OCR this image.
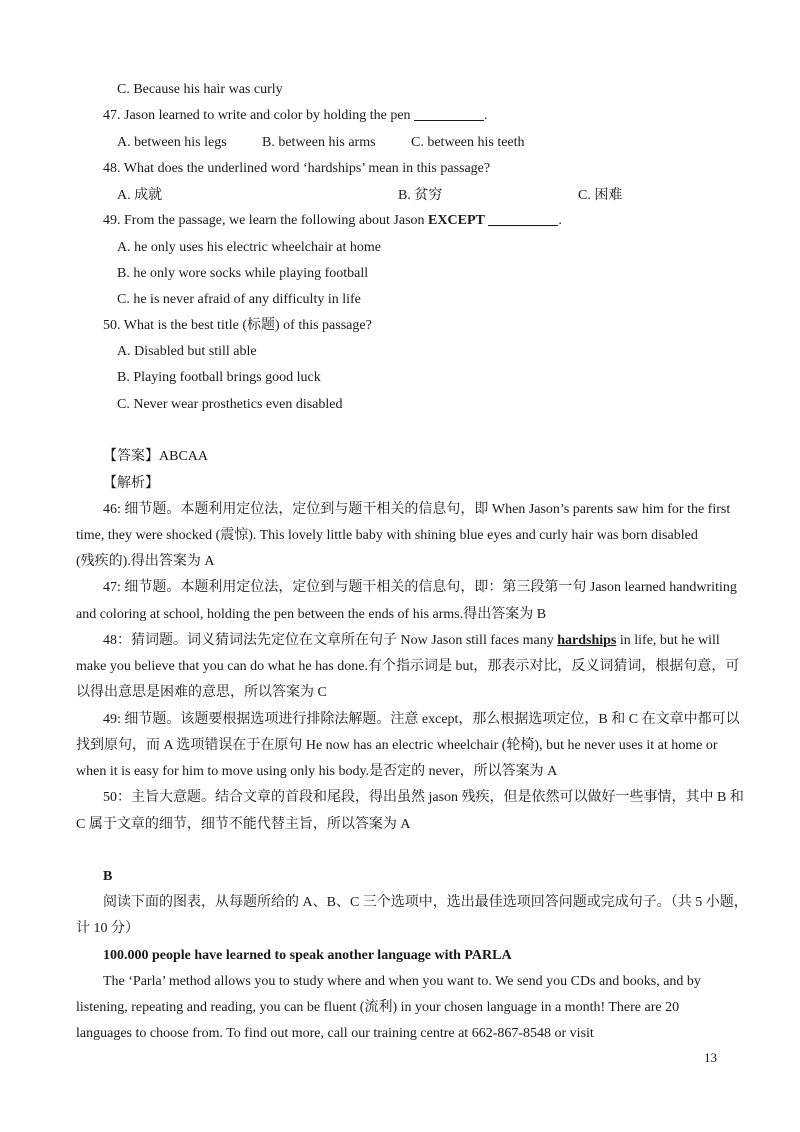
C. Because his hair was curly
47. Jason learned to write and color by holding the pen	.
A. between his legs	B. between his arms	C. between his teeth
48. What does the underlined word ‘hardships’ mean in this passage?
A. 成就	B. 贫穷	C. 困难
49. From the passage, we learn the following about Jason EXCEPT	.
A. he only uses his electric wheelchair at home
B. he only wore socks while playing football
C. he is never afraid of any difficulty in life
50. What is the best title (标题) of this passage?
A. Disabled but still able
B. Playing football brings good luck
C. Never wear prosthetics even disabled
【答案】ABCAA
【解析】
46: 细节题。本题利用定位法，定位到与题干相关的信息句，即 When Jason’s parents saw him for the first
time, they were shocked (震惊). This lovely little baby with shining blue eyes and curly hair was born disabled
(残疾的).得出答案为 A
47: 细节题。本题利用定位法，定位到与题干相关的信息句，即：第三段第一句 Jason learned handwriting
and coloring at school, holding the pen between the ends of his arms.得出答案为 B
48：猜词题。词义猜词法先定位在文章所在句子 Now Jason still faces many hardships in life, but he will
make you believe that you can do what he has done.有个指示词是 but，那表示对比，反义词猜词，根据句意，可
以得出意思是困难的意思，所以答案为 C
49: 细节题。该题要根据选项进行排除法解题。注意 except，那么根据选项定位，B 和 C 在文章中都可以
找到原句，而 A 选项错误在于在原句 He now has an electric wheelchair (轮椅), but he never uses it at home or
when it is easy for him to move using only his body.是否定的 never，所以答案为 A
50：主旨大意题。结合文章的首段和尾段，得出虽然 jason 残疾，但是依然可以做好一些事情，其中 B 和
C 属于文章的细节，细节不能代替主旨，所以答案为 A
B
阅读下面的图表，从每题所给的 A、B、C 三个选项中，选出最佳选项回答问题或完成句子。（共 5 小题，
计 10 分）
100.000 people have learned to speak another language with PARLA
The ‘Parla’ method allows you to study where and when you want to. We send you CDs and books, and by
listening, repeating and reading, you can be fluent (流利) in your chosen language in a month! There are 20
languages to choose from. To find out more, call our training centre at 662-867-8548 or visit
13
